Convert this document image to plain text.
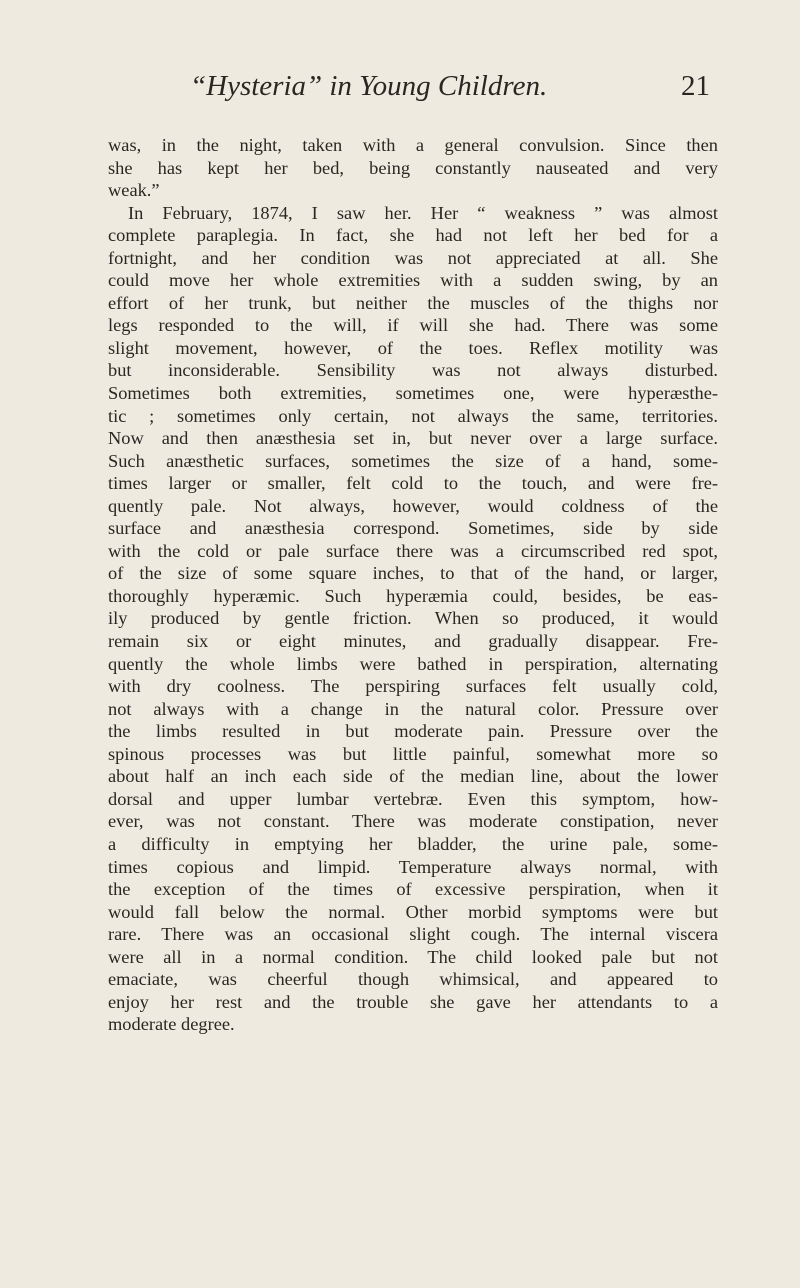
“Hysteria” in Young Children.	21
was, in the night, taken with a general convulsion. Since then
she has kept her bed, being constantly nauseated and very
weak.”
In February, 1874, I saw her. Her “ weakness ” was almost
complete paraplegia. In fact, she had not left her bed for a
fortnight, and her condition was not appreciated at all. She
could move her whole extremities with a sudden swing, by an
effort of her trunk, but neither the muscles of the thighs nor
legs responded to the will, if will she had. There was some
slight movement, however, of the toes. Reflex motility was
but inconsiderable. Sensibility was not always disturbed.
Sometimes both extremities, sometimes one, were hyperæsthe-
tic ; sometimes only certain, not always the same, territories.
Now and then anæsthesia set in, but never over a large surface.
Such anæsthetic surfaces, sometimes the size of a hand, some-
times larger or smaller, felt cold to the touch, and were fre-
quently pale. Not always, however, would coldness of the
surface and anæsthesia correspond. Sometimes, side by side
with the cold or pale surface there was a circumscribed red spot,
of the size of some square inches, to that of the hand, or larger,
thoroughly hyperæmic. Such hyperæmia could, besides, be eas-
ily produced by gentle friction. When so produced, it would
remain six or eight minutes, and gradually disappear. Fre-
quently the whole limbs were bathed in perspiration, alternating
with dry coolness. The perspiring surfaces felt usually cold,
not always with a change in the natural color. Pressure over
the limbs resulted in but moderate pain. Pressure over the
spinous processes was but little painful, somewhat more so
about half an inch each side of the median line, about the lower
dorsal and upper lumbar vertebræ. Even this symptom, how-
ever, was not constant. There was moderate constipation, never
a difficulty in emptying her bladder, the urine pale, some-
times copious and limpid. Temperature always normal, with
the exception of the times of excessive perspiration, when it
would fall below the normal. Other morbid symptoms were but
rare. There was an occasional slight cough. The internal viscera
were all in a normal condition. The child looked pale but not
emaciate, was cheerful though whimsical, and appeared to
enjoy her rest and the trouble she gave her attendants to a
moderate degree.
